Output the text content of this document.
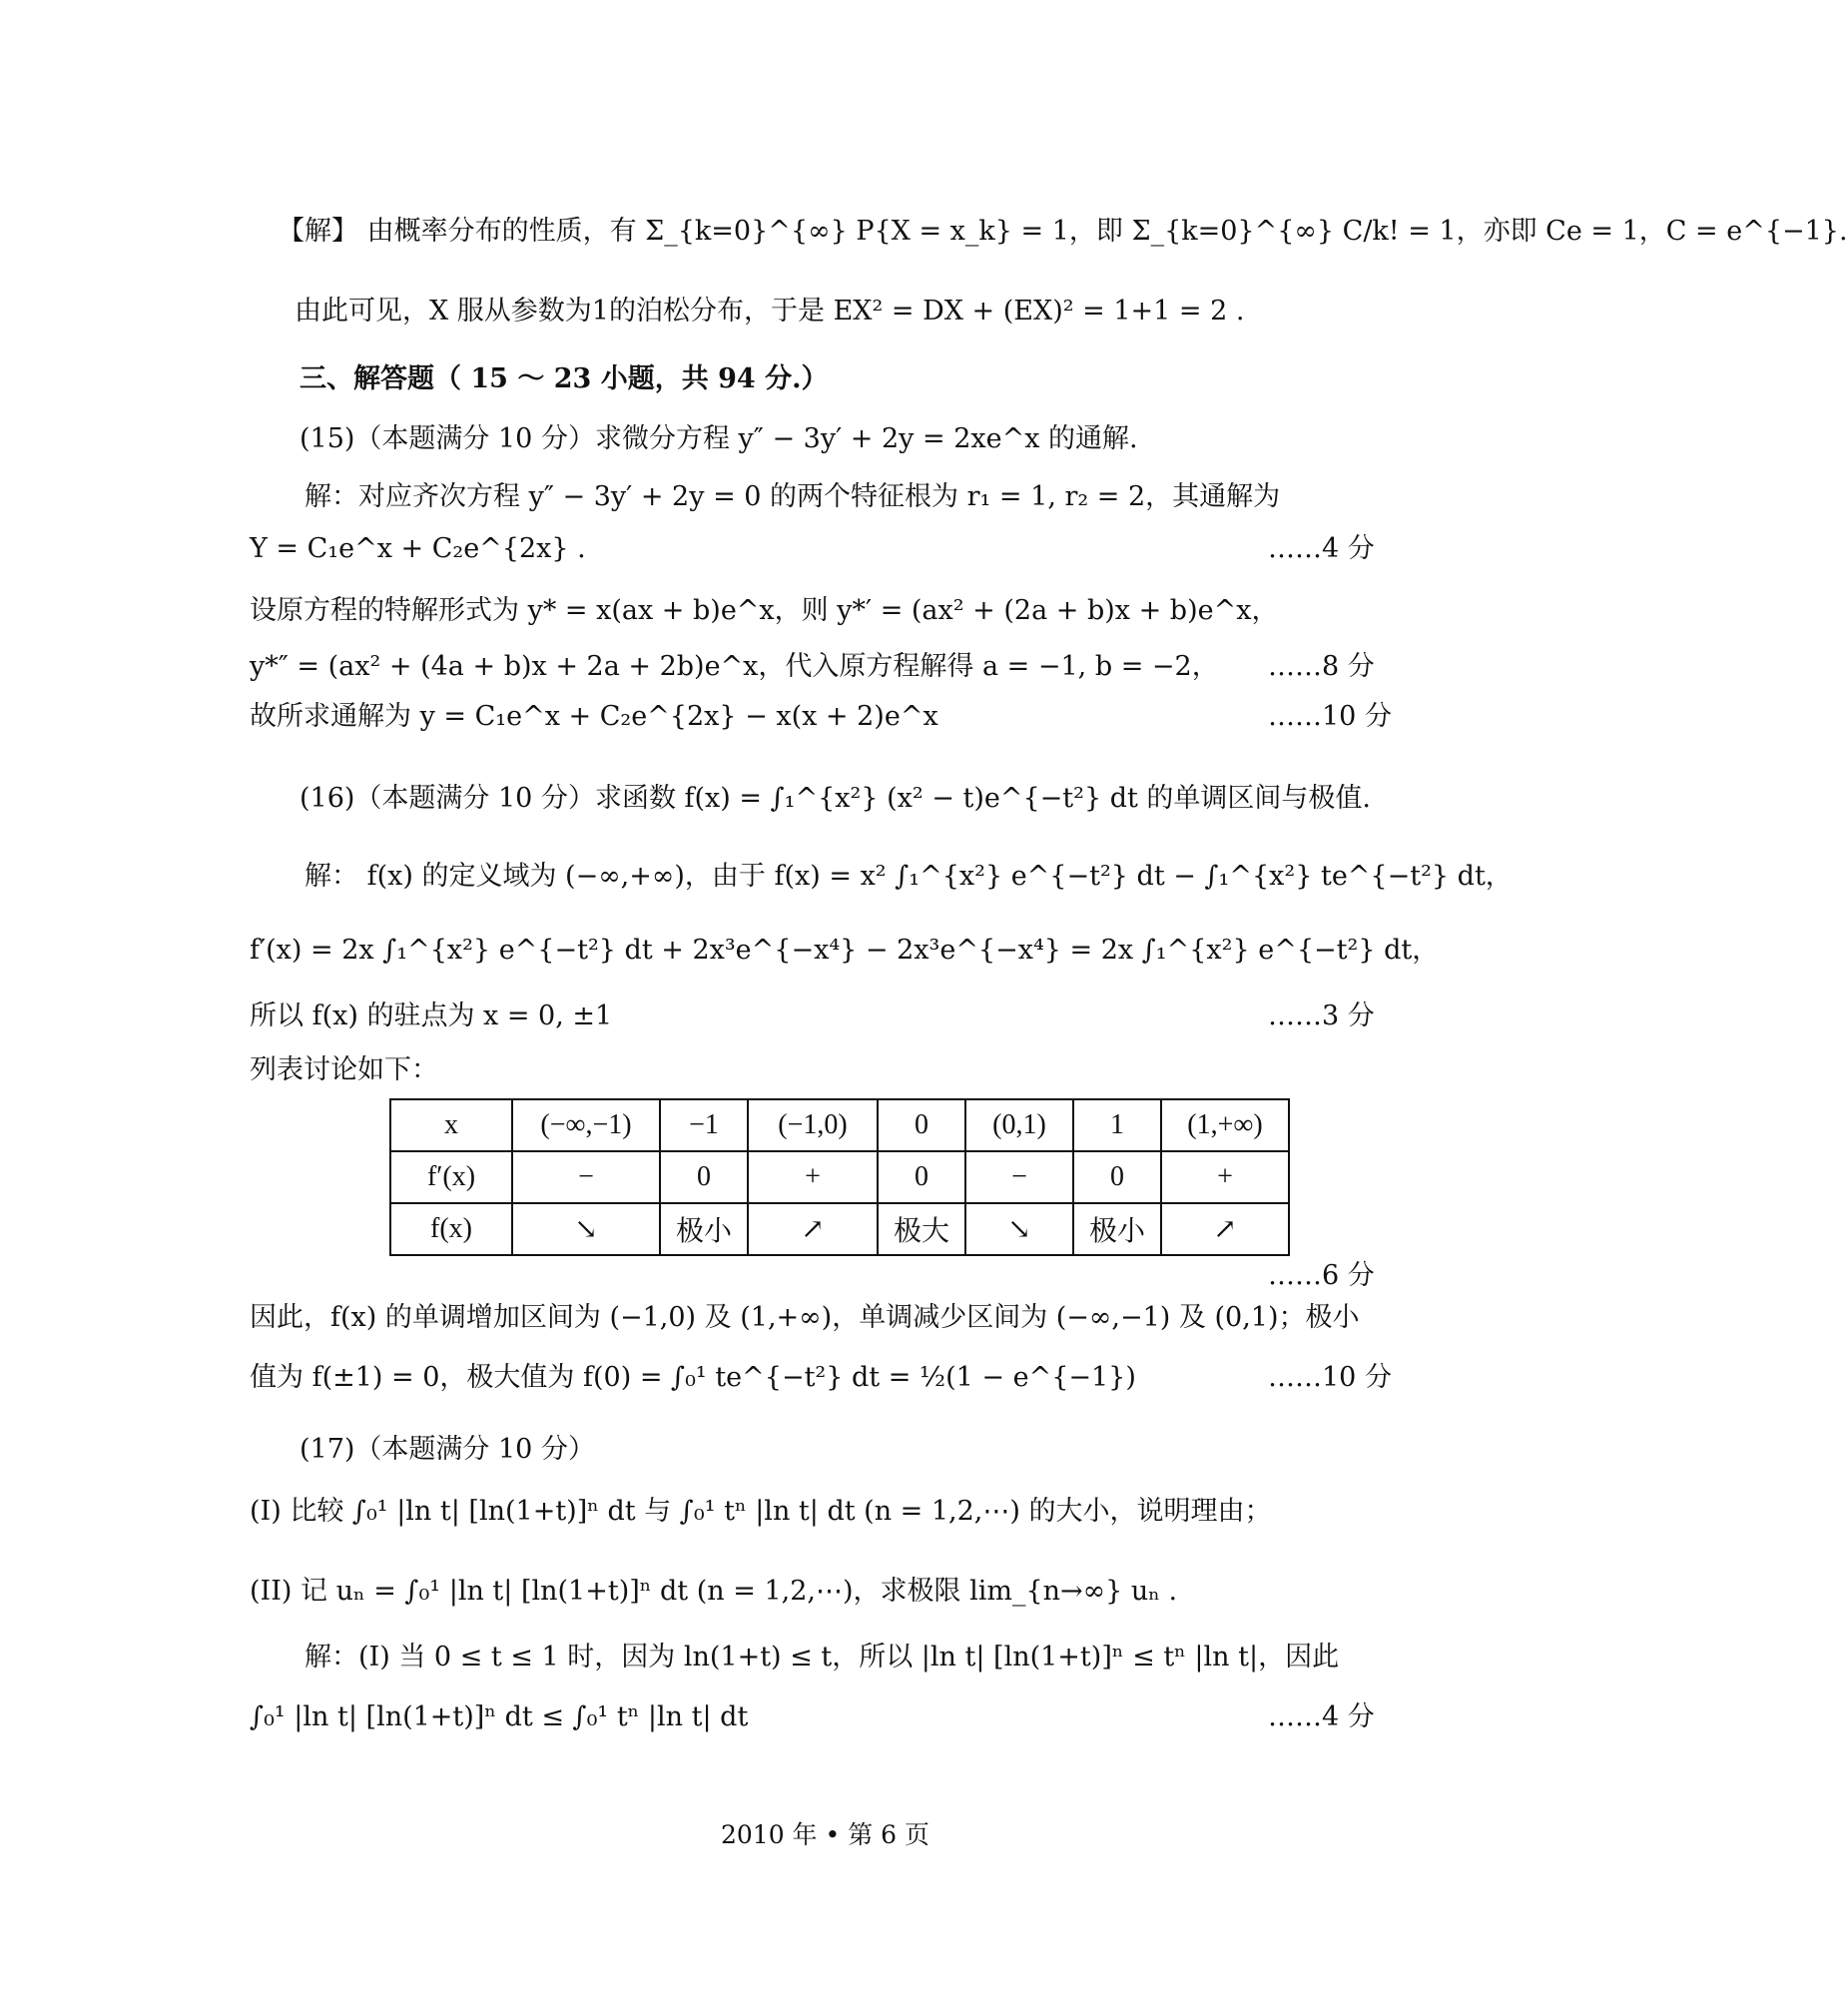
【解】 由概率分布的性质，有 Σ_{k=0}^{∞} P{X = x_k} = 1，即 Σ_{k=0}^{∞} C/k! = 1，亦即 Ce = 1，C = e^{−1}.
由此可见，X 服从参数为1的泊松分布，于是 EX² = DX + (EX)² = 1+1 = 2 .
三、解答题（ 15 ～ 23 小题，共 94 分.）
(15)（本题满分 10 分）求微分方程 y″ − 3y′ + 2y = 2xe^x 的通解.
解：对应齐次方程 y″ − 3y′ + 2y = 0 的两个特征根为 r₁ = 1, r₂ = 2，其通解为
Y = C₁e^x + C₂e^{2x} .	……4 分
设原方程的特解形式为 y* = x(ax + b)e^x，则 y*′ = (ax² + (2a + b)x + b)e^x，
y*″ = (ax² + (4a + b)x + 2a + 2b)e^x，代入原方程解得 a = −1, b = −2， ……8 分
故所求通解为 y = C₁e^x + C₂e^{2x} − x(x + 2)e^x	……10 分
(16)（本题满分 10 分）求函数 f(x) = ∫₁^{x²} (x² − t)e^{−t²} dt 的单调区间与极值.
解： f(x) 的定义域为 (−∞,+∞)，由于 f(x) = x² ∫₁^{x²} e^{−t²} dt − ∫₁^{x²} te^{−t²} dt，
f′(x) = 2x ∫₁^{x²} e^{−t²} dt + 2x³e^{−x⁴} − 2x³e^{−x⁴} = 2x ∫₁^{x²} e^{−t²} dt，
所以 f(x) 的驻点为 x = 0, ±1	……3 分
列表讨论如下：
x	(−∞,−1)	−1	(−1,0)	0	(0,1)	1	(1,+∞)
f′(x)	−	0	+	0	−	0	+
f(x)	↘	极小	↗	极大	↘	极小	↗
……6 分
因此，f(x) 的单调增加区间为 (−1,0) 及 (1,+∞)，单调减少区间为 (−∞,−1) 及 (0,1)；极小
值为 f(±1) = 0，极大值为 f(0) = ∫₀¹ te^{−t²} dt = ½(1 − e^{−1})	……10 分
(17)（本题满分 10 分）
(I) 比较 ∫₀¹ |ln t| [ln(1+t)]ⁿ dt 与 ∫₀¹ tⁿ |ln t| dt (n = 1,2,⋯) 的大小，说明理由；
(II) 记 uₙ = ∫₀¹ |ln t| [ln(1+t)]ⁿ dt (n = 1,2,⋯)，求极限 lim_{n→∞} uₙ .
解：(I) 当 0 ≤ t ≤ 1 时，因为 ln(1+t) ≤ t，所以 |ln t| [ln(1+t)]ⁿ ≤ tⁿ |ln t|，因此
∫₀¹ |ln t| [ln(1+t)]ⁿ dt ≤ ∫₀¹ tⁿ |ln t| dt	……4 分
2010 年 • 第 6 页
